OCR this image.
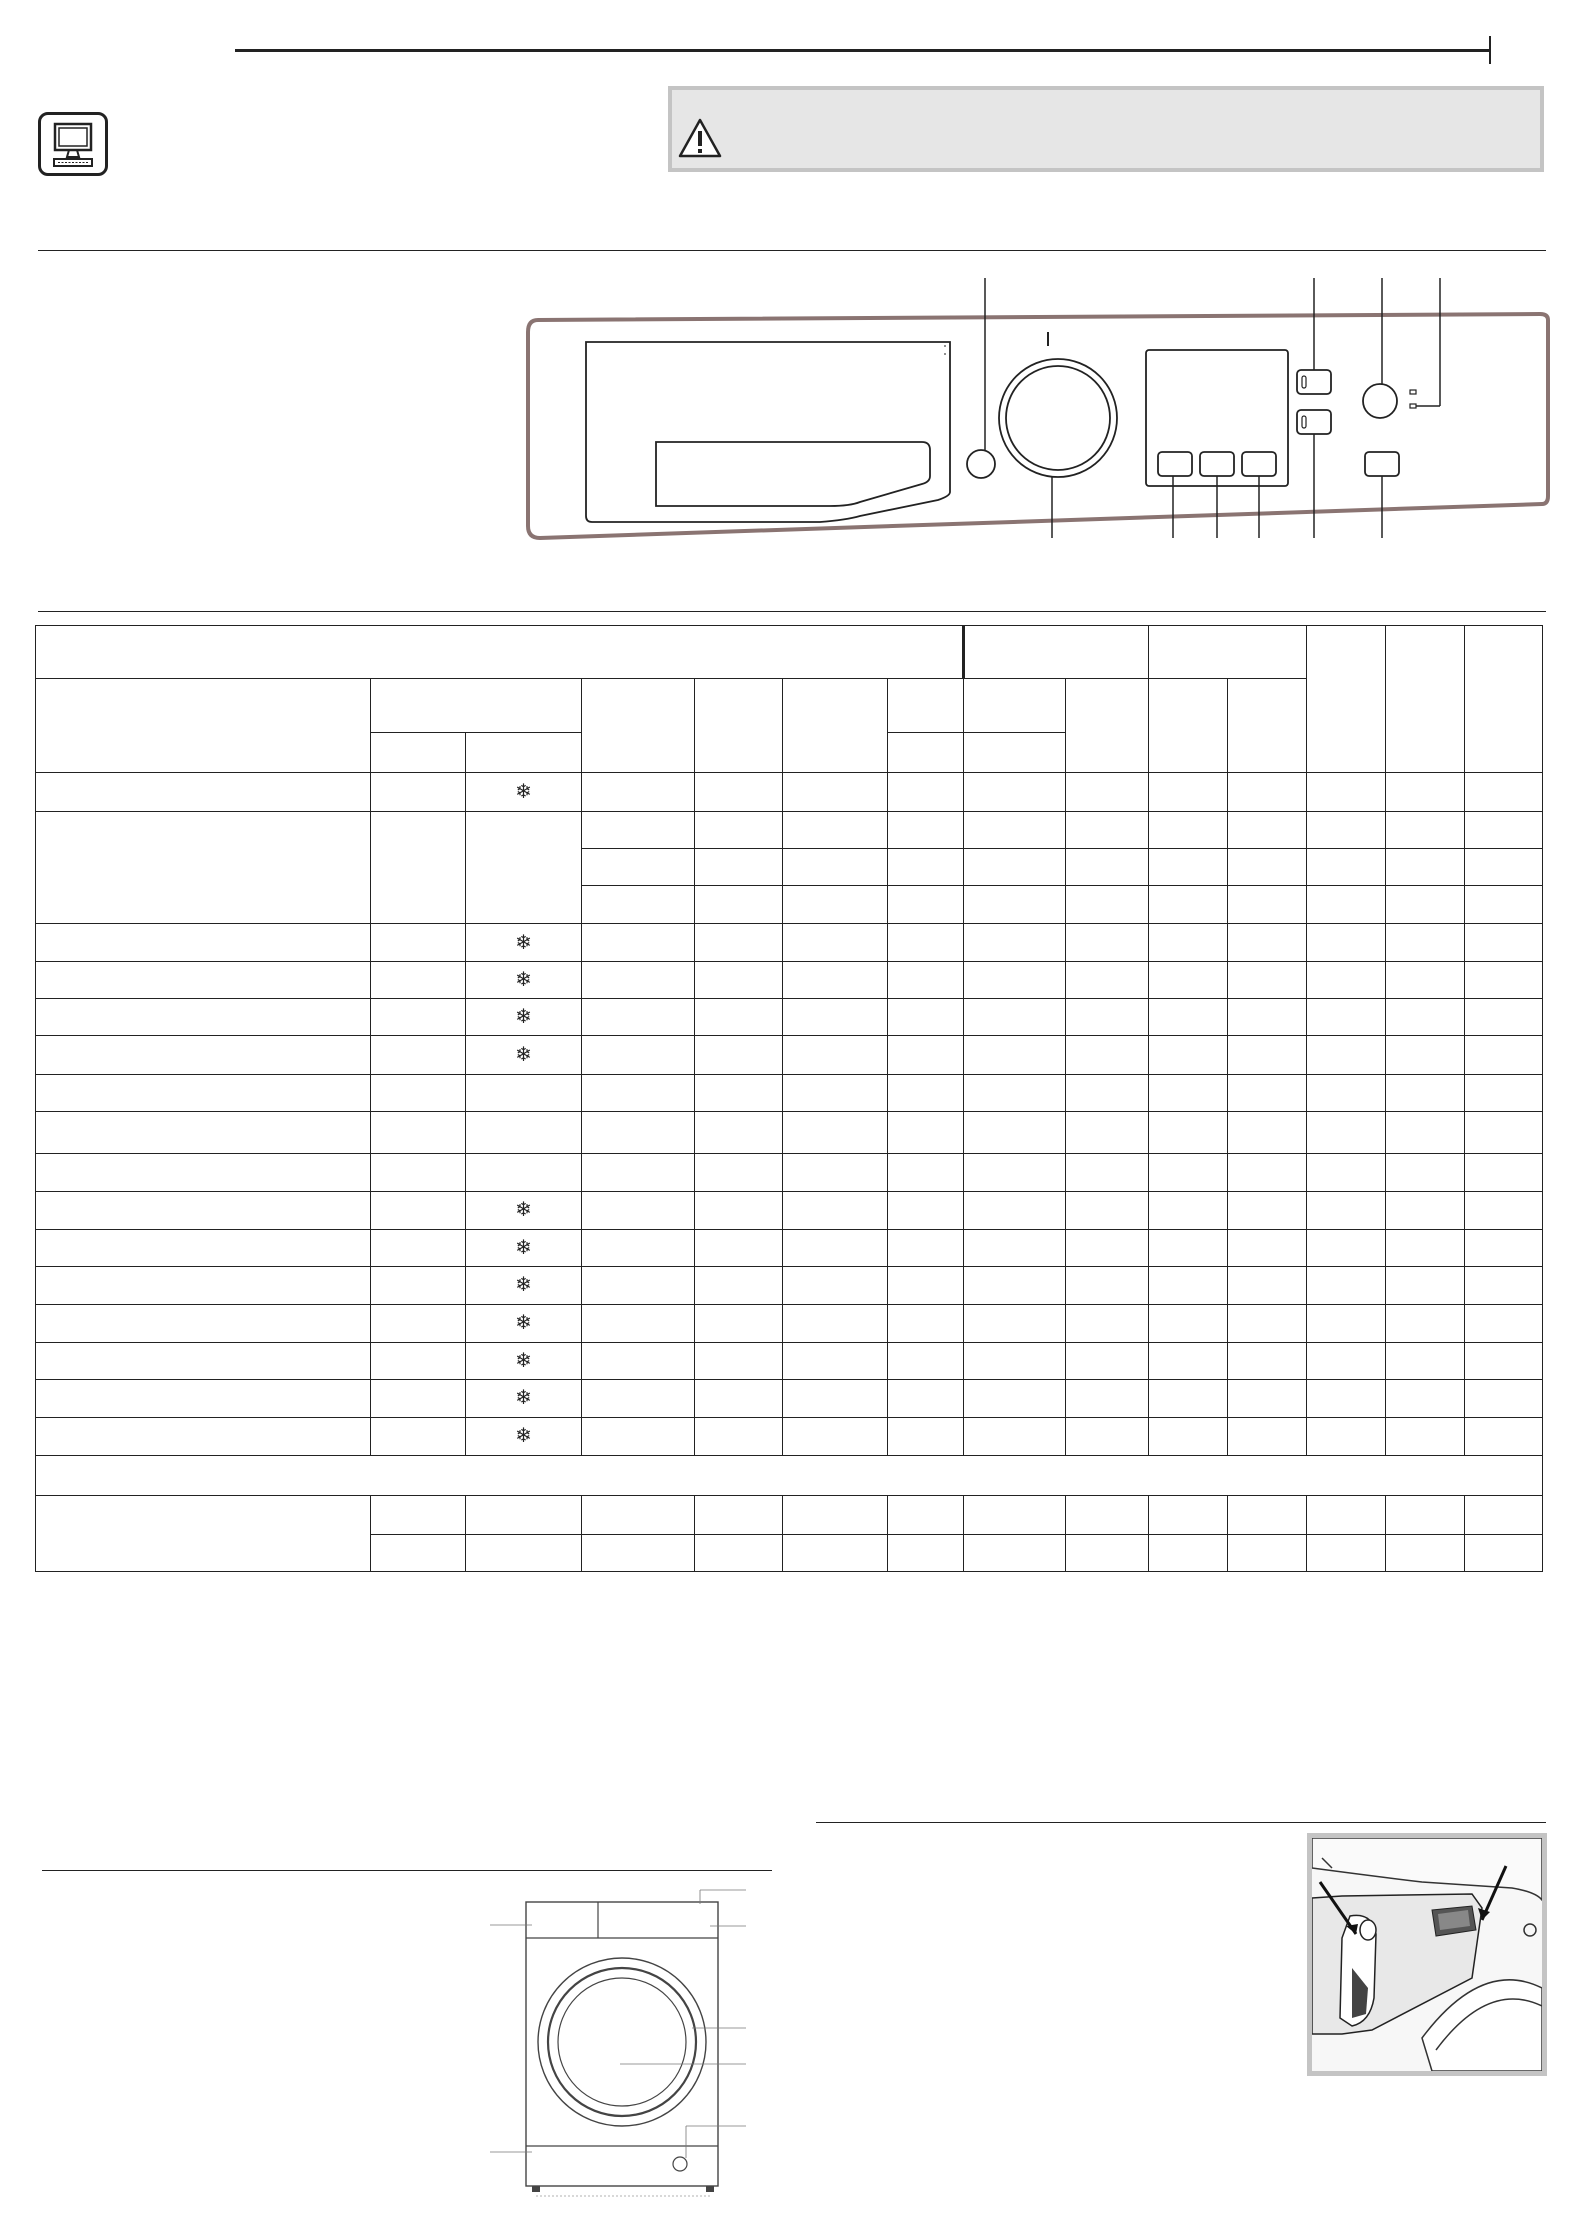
		❄												

		❄												
		❄												
		❄												
		❄												

		❄												
		❄												
		❄												
		❄												
		❄												
		❄												
		❄												
